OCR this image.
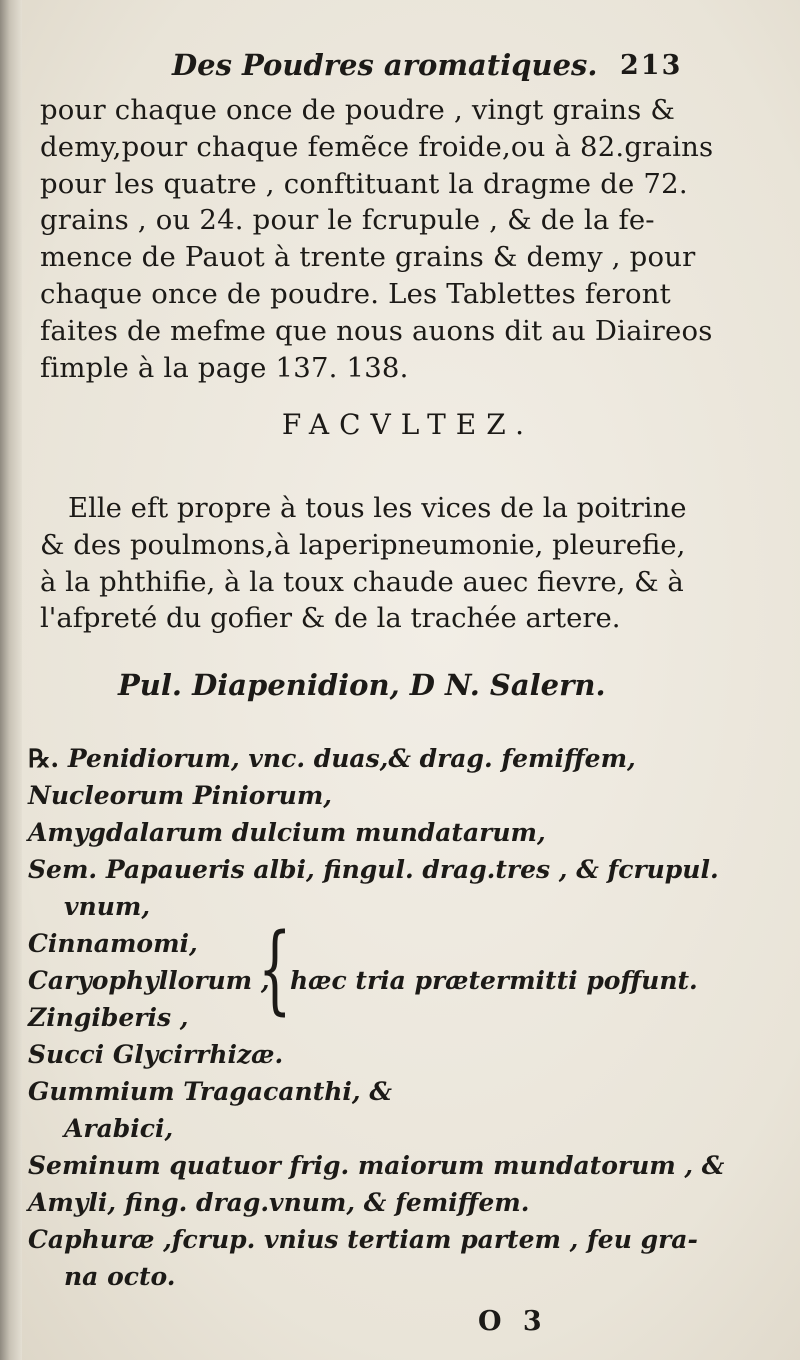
Des Poudres aromatiques. 213
pour chaque once de poudre , vingt grains &
demy,pour chaque femẽce froide,ou à 82.grains
pour les quatre , conftituant la dragme de 72.
grains , ou 24. pour le fcrupule , & de la fe-
mence de Pauot à trente grains & demy , pour
chaque once de poudre. Les Tablettes feront
faites de mefme que nous auons dit au Diaireos
fimple à la page 137. 138.
FACVLTEZ.
Elle eft propre à tous les vices de la poitrine
& des poulmons,à laperipneumonie, pleurefie,
à la phthifie, à la toux chaude auec fievre, & à
l'afpreté du gofier & de la trachée artere.
Pul. Diapenidion, D N. Salern.
℞. Penidiorum, vnc. duas,& drag. femiffem,
Nucleorum Piniorum,
Amygdalarum dulcium mundatarum,
Sem. Papaueris albi, fingul. drag.tres , & fcrupul.
vnum,
Cinnamomi,
Caryophyllorum ,
Zingiberis , {
hæc tria prætermitti poffunt.
Succi Glycirrhizæ.
Gummium Tragacanthi, &
Arabici,
Seminum quatuor frig. maiorum mundatorum , &
Amyli, fing. drag.vnum, & femiffem.
Caphuræ ,fcrup. vnius tertiam partem , feu gra-
na octo.
O 3
